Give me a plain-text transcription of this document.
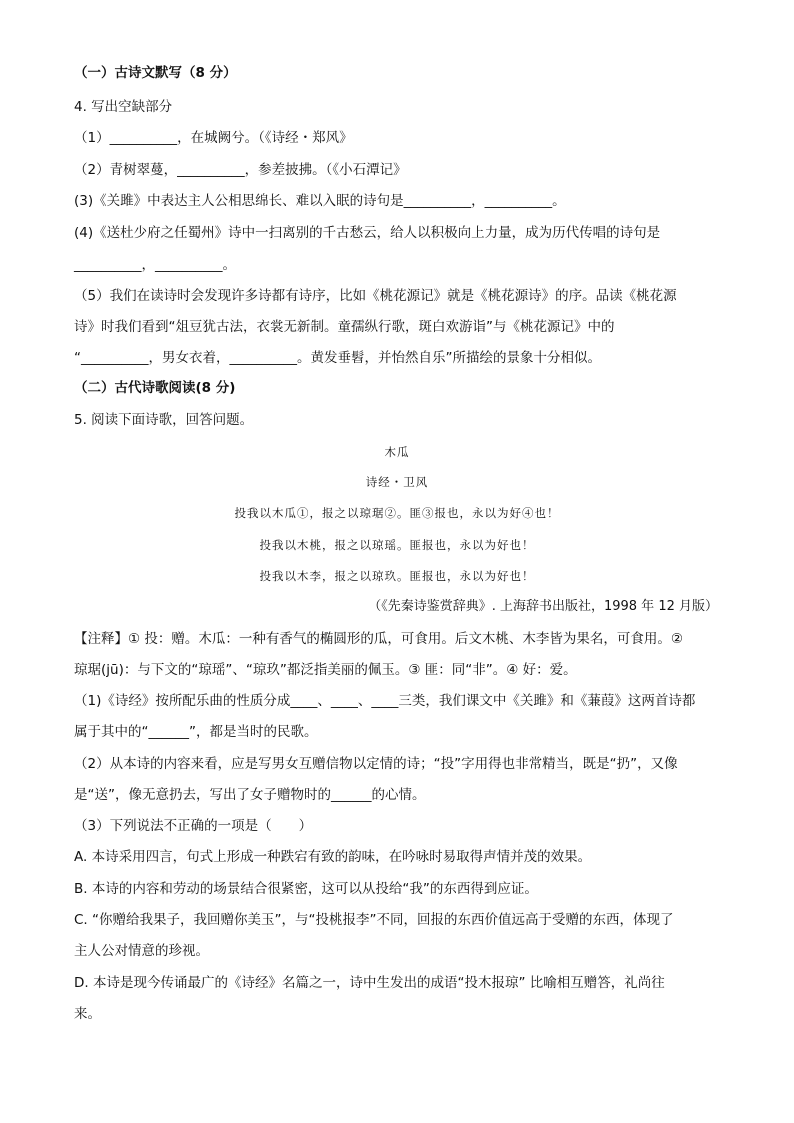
（一）古诗文默写（8 分）
4. 写出空缺部分
（1）__________，在城阙兮。（《诗经・郑风》
（2）青树翠蔓，__________，参差披拂。（《小石潭记》
(3)《关雎》中表达主人公相思绵长、难以入眠的诗句是__________，__________。
(4)《送杜少府之任蜀州》诗中一扫离别的千古愁云，给人以积极向上力量，成为历代传唱的诗句是
__________，__________。
（5）我们在读诗时会发现许多诗都有诗序，比如《桃花源记》就是《桃花源诗》的序。品读《桃花源
诗》时我们看到“俎豆犹古法，衣裳无新制。童孺纵行歌，斑白欢游诣”与《桃花源记》中的
“__________，男女衣着，__________。黄发垂髫，并怡然自乐”所描绘的景象十分相似。
（二）古代诗歌阅读(8 分)
5. 阅读下面诗歌，回答问题。
木瓜
诗经・卫风
投我以木瓜①，报之以琼琚②。匪③报也，永以为好④也！
投我以木桃，报之以琼瑶。匪报也，永以为好也！
投我以木李，报之以琼玖。匪报也，永以为好也！
（《先秦诗鉴赏辞典》. 上海辞书出版社，1998 年 12 月版）
【注释】① 投：赠。木瓜：一种有香气的椭圆形的瓜，可食用。后文木桃、木李皆为果名，可食用。②
琼琚(jū)：与下文的“琼瑶”、“琼玖”都泛指美丽的佩玉。③ 匪：同“非”。④ 好：爱。
（1)《诗经》按所配乐曲的性质分成____、____、____三类，我们课文中《关雎》和《蒹葭》这两首诗都
属于其中的“______”，都是当时的民歌。
（2）从本诗的内容来看，应是写男女互赠信物以定情的诗；“投”字用得也非常精当，既是“扔”，又像
是“送”，像无意扔去，写出了女子赠物时的______的心情。
（3）下列说法不正确的一项是（　　）
A. 本诗采用四言，句式上形成一种跌宕有致的韵味，在吟咏时易取得声情并茂的效果。
B. 本诗的内容和劳动的场景结合很紧密，这可以从投给“我”的东西得到应证。
C. “你赠给我果子，我回赠你美玉”，与“投桃报李”不同，回报的东西价值远高于受赠的东西，体现了
主人公对情意的珍视。
D. 本诗是现今传诵最广的《诗经》名篇之一，诗中生发出的成语“投木报琼” 比喻相互赠答，礼尚往
来。
